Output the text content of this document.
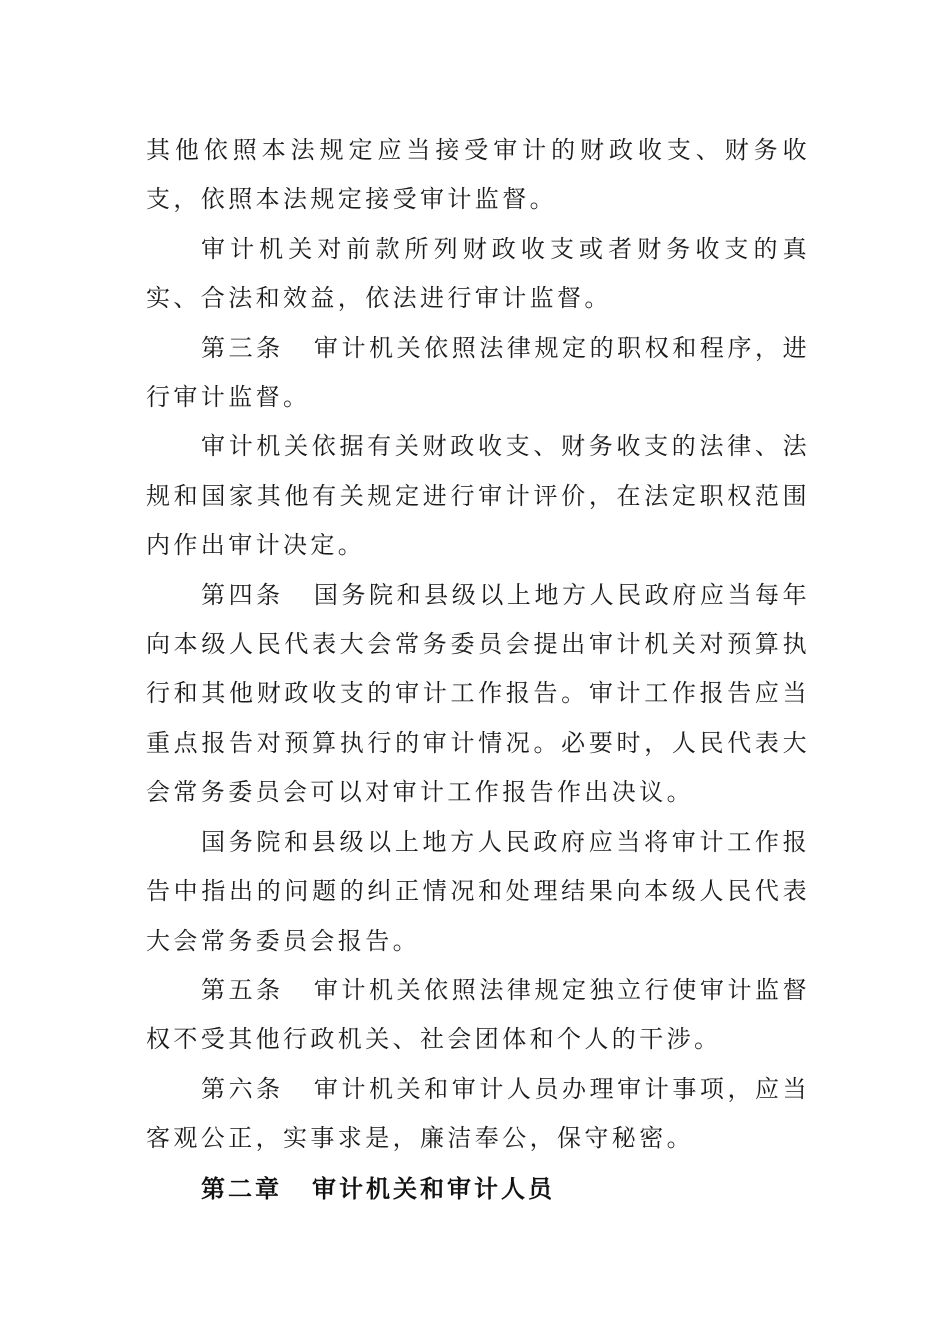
其他依照本法规定应当接受审计的财政收支、财务收支，依照本法规定接受审计监督。

审计机关对前款所列财政收支或者财务收支的真实、合法和效益，依法进行审计监督。

第三条 审计机关依照法律规定的职权和程序，进行审计监督。

审计机关依据有关财政收支、财务收支的法律、法规和国家其他有关规定进行审计评价，在法定职权范围内作出审计决定。

第四条 国务院和县级以上地方人民政府应当每年向本级人民代表大会常务委员会提出审计机关对预算执行和其他财政收支的审计工作报告。审计工作报告应当重点报告对预算执行的审计情况。必要时，人民代表大会常务委员会可以对审计工作报告作出决议。

国务院和县级以上地方人民政府应当将审计工作报告中指出的问题的纠正情况和处理结果向本级人民代表大会常务委员会报告。

第五条 审计机关依照法律规定独立行使审计监督权不受其他行政机关、社会团体和个人的干涉。

第六条 审计机关和审计人员办理审计事项，应当客观公正，实事求是，廉洁奉公，保守秘密。

第二章 审计机关和审计人员
